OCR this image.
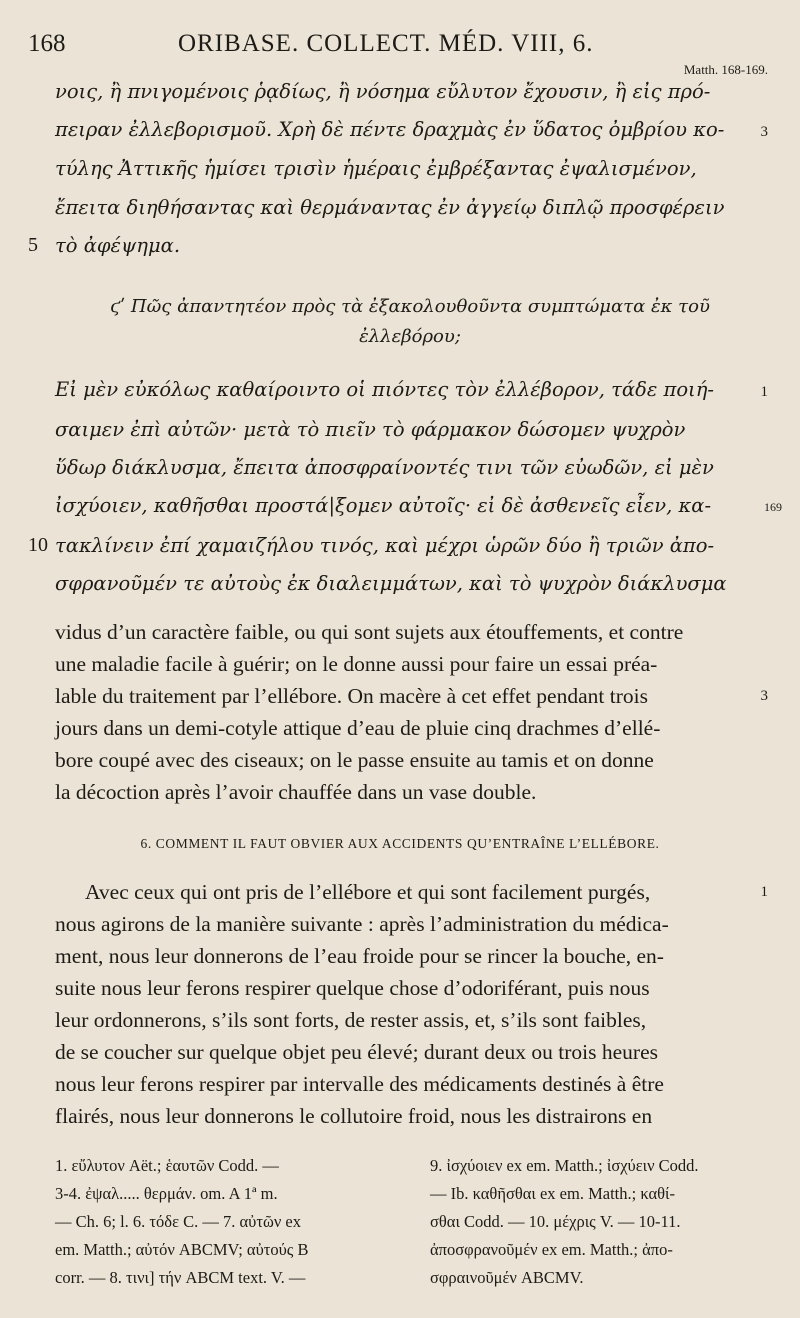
168	ORIBASE. COLLECT. MÉD. VIII, 6.
Matth. 168-169.
νοις, ἢ πνιγομένοις ῥᾳδίως, ἢ νόσημα εὔλυτον ἔχουσιν, ἢ εἰς πρό-
πειραν ἐλλεβορισμοῦ. Χρὴ δὲ πέντε δραχμὰς ἐν ὕδατος ὀμβρίου κο- 3
τύλης Ἀττικῆς ἡμίσει τρισὶν ἡμέραις ἐμβρέξαντας ἐψαλισμένον,
ἔπειτα διηθήσαντας καὶ θερμάναντας ἐν ἀγγείῳ διπλῷ προσφέρειν
5 τὸ ἀφέψημα.
ϛʹ Πῶς ἀπαντητέον πρὸς τὰ ἐξακολουθοῦντα συμπτώματα ἐκ τοῦ
ἐλλεβόρου;
Εἰ μὲν εὐκόλως καθαίροιντο οἱ πιόντες τὸν ἐλλέβορον, τάδε ποιή-	1
σαιμεν ἐπὶ αὐτῶν· μετὰ τὸ πιεῖν τὸ φάρμακον δώσομεν ψυχρὸν
ὕδωρ διάκλυσμα, ἔπειτα ἀποσφραίνοντές τινι τῶν εὐωδῶν, εἰ μὲν
ἰσχύοιεν, καθῆσθαι προστά|ξομεν αὐτοῖς· εἰ δὲ ἀσθενεῖς εἶεν, κα-	169
10 τακλίνειν ἐπί χαμαιζήλου τινός, καὶ μέχρι ὡρῶν δύο ἢ τριῶν ἀπο-
σφρανοῦμέν τε αὐτοὺς ἐκ διαλειμμάτων, καὶ τὸ ψυχρὸν διάκλυσμα
vidus d’un caractère faible, ou qui sont sujets aux étouffements, et contre
une maladie facile à guérir; on le donne aussi pour faire un essai préa-
lable du traitement par l’ellébore. On macère à cet effet pendant trois	3
jours dans un demi-cotyle attique d’eau de pluie cinq drachmes d’ellé-
bore coupé avec des ciseaux; on le passe ensuite au tamis et on donne
la décoction après l’avoir chauffée dans un vase double.
6. COMMENT IL FAUT OBVIER AUX ACCIDENTS QU’ENTRAÎNE L’ELLÉBORE.
Avec ceux qui ont pris de l’ellébore et qui sont facilement purgés,	1
nous agirons de la manière suivante : après l’administration du médica-
ment, nous leur donnerons de l’eau froide pour se rincer la bouche, en-
suite nous leur ferons respirer quelque chose d’odoriférant, puis nous
leur ordonnerons, s’ils sont forts, de rester assis, et, s’ils sont faibles,
de se coucher sur quelque objet peu élevé; durant deux ou trois heures
nous leur ferons respirer par intervalle des médicaments destinés à être
flairés, nous leur donnerons le collutoire froid, nous les distrairons en
1. εὔλυτον Aët.; ἑαυτῶν Codd. —
3-4. ἐψαλ..... θερμάν. om. A 1ª m.
— Ch. 6; l. 6. τόδε C. — 7. αὐτῶν ex
em. Matth.; αὐτόν ABCMV; αὐτούς B
corr. — 8. τινι] τήν ABCM text. V. —
9. ἰσχύοιεν ex em. Matth.; ἰσχύειν Codd.
— Ib. καθῆσθαι ex em. Matth.; καθί-
σθαι Codd. — 10. μέχρις V. — 10-11.
ἀποσφρανοῦμέν ex em. Matth.; ἀπο-
σφραινοῦμέν ABCMV.
